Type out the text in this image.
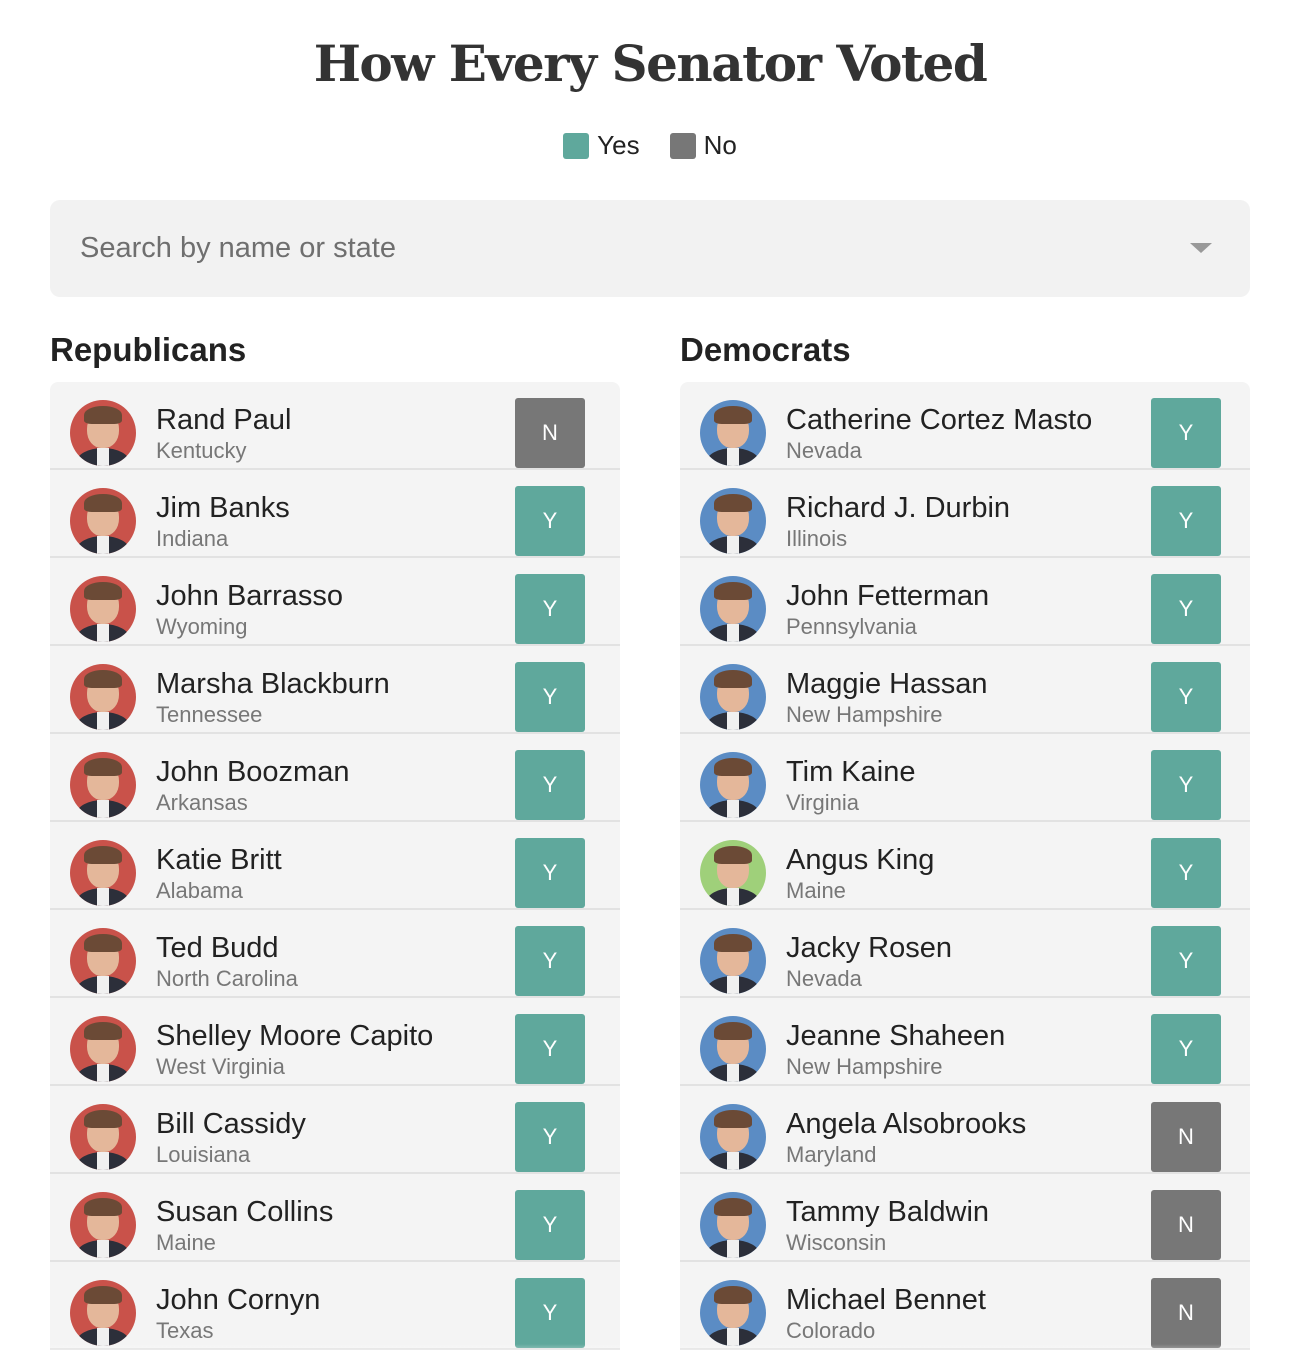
How Every Senator Voted
Yes No
Search by name or state
Republicans
Rand Paul
Kentucky
N
Jim Banks
Indiana
Y
John Barrasso
Wyoming
Y
Marsha Blackburn
Tennessee
Y
John Boozman
Arkansas
Y
Katie Britt
Alabama
Y
Ted Budd
North Carolina
Y
Shelley Moore Capito
West Virginia
Y
Bill Cassidy
Louisiana
Y
Susan Collins
Maine
Y
John Cornyn
Texas
Y
Democrats
Catherine Cortez Masto
Nevada
Y
Richard J. Durbin
Illinois
Y
John Fetterman
Pennsylvania
Y
Maggie Hassan
New Hampshire
Y
Tim Kaine
Virginia
Y
Angus King
Maine
Y
Jacky Rosen
Nevada
Y
Jeanne Shaheen
New Hampshire
Y
Angela Alsobrooks
Maryland
N
Tammy Baldwin
Wisconsin
N
Michael Bennet
Colorado
N
